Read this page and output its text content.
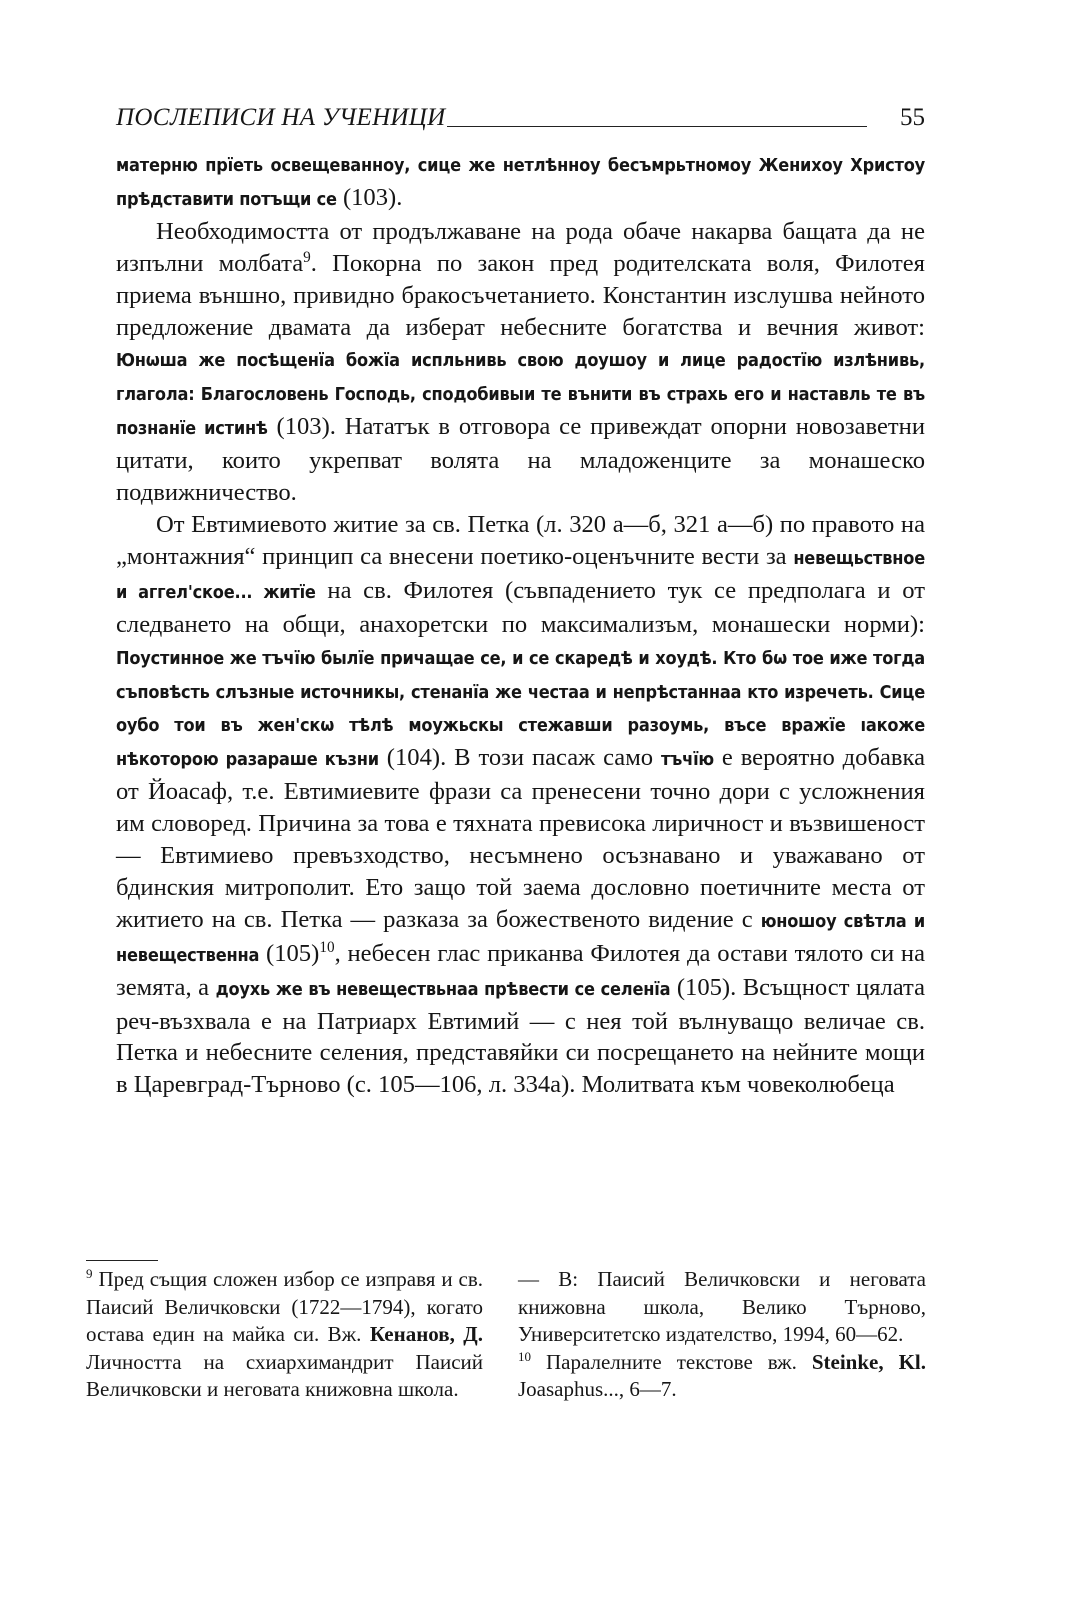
ПОСЛЕПИСИ НА УЧЕНИЦИ	55

матерню прїеть освещеванноу, сице же нетлѣнноу бесъмрьтномоу Женихоу Христоу прѣдставити потъщи се (103).

Необходимостта от продължаване на рода обаче накарва бащата да не изпълни молбата$^9$. Покорна по закон пред родителската воля, Филотея приема външно, привидно бракосъчетанието. Константин изслушва нейното предложение двамата да изберат небесните богатства и вечния живот: Юнωша же посѣщенїа божїа испльнивь свою доушоу и лице радостїю излѣнивь, глагола: Благословень Господь, сподобивыи те вънити въ страхь его и наставль те въ познанїе истинѣ (103). Нататък в отговора се привеждат опорни новозаветни цитати, които укрепват волята на младоженците за монашеско подвижничество.

От Евтимиевото житие за св. Петка (л. 320 а—б, 321 а—б) по правото на „монтажния“ принцип са внесени поетико-оценъчните вести за невещьствное и аггел'ское... житїе на св. Филотея (съвпадението тук се предполага и от следването на общи, анахоретски по максимализъм, монашески норми): Поустинное же тъчїю былїе причащае се, и се скаредѣ и хоудѣ. Кто бω тое иже тогда съповѣсть слъзные источникы, стенанїа же честаа и непрѣстаннаа кто изречеть. Сице оубо тои въ жен'скω тѣлѣ моужьскы стежавши разоумь, въсе вражїе ıакоже нѣкоторою разараше къзни (104). В този пасаж само тъчїю е вероятно добавка от Йоасаф, т.е. Евтимиевите фрази са пренесени точно дори с усложнения им словоред. Причина за това е тяхната превисока лиричност и възвишеност — Евтимиево превъзходство, несъмнено осъзнавано и уважавано от бдинския митрополит. Ето защо той заема дословно поетичните места от житието на св. Петка — разказа за божественото видение с юношоу свѣтла и невещественна $(105)^{10}$, небесен глас приканва Филотея да остави тялото си на земята, а доухь же въ невеществьнаа прѣвести се селенїа (105). Всъщност цялата реч-възхвала е на Патриарх Евтимий — с нея той вълнуващо величае св. Петка и небесните селения, представяйки си посрещането на нейните мощи в Царевград-Търново (с. 105—106, л. 334а). Молитвата към човеколюбеца

$^9$ Пред същия сложен избор се изправя и св. Паисий Величковски (1722—1794), когато остава един на майка си. Вж. Кенанов, Д. Личността на схиархимандрит Паисий Величковски и неговата книжовна школа.

— В: Паисий Величковски и неговата книжовна школа, Велико Търново, Университетско издателство, 1994, 60—62.

$^{10}$ Паралелните текстове вж. Steinke, Kl. Joasaphus..., 6—7.
